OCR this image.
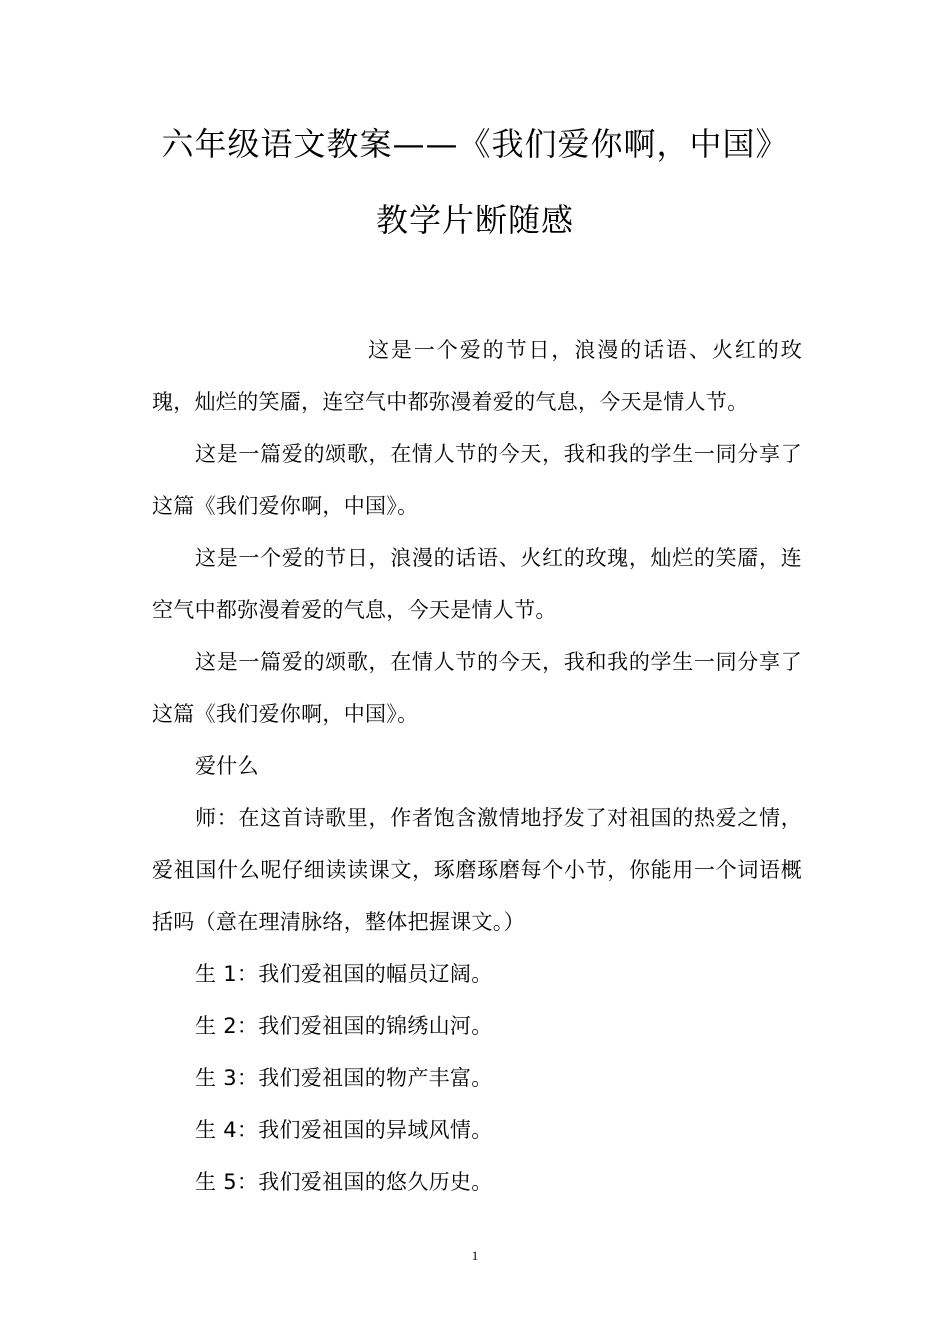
六年级语文教案——《我们爱你啊，中国》
教学片断随感

这是一个爱的节日，浪漫的话语、火红的玫瑰，灿烂的笑靥，连空气中都弥漫着爱的气息，今天是情人节。

这是一篇爱的颂歌，在情人节的今天，我和我的学生一同分享了这篇《我们爱你啊，中国》。

这是一个爱的节日，浪漫的话语、火红的玫瑰，灿烂的笑靥，连空气中都弥漫着爱的气息，今天是情人节。

这是一篇爱的颂歌，在情人节的今天，我和我的学生一同分享了这篇《我们爱你啊，中国》。

爱什么

师：在这首诗歌里，作者饱含激情地抒发了对祖国的热爱之情，爱祖国什么呢仔细读读课文，琢磨琢磨每个小节，你能用一个词语概括吗（意在理清脉络，整体把握课文。）

生 1：我们爱祖国的幅员辽阔。

生 2：我们爱祖国的锦绣山河。

生 3：我们爱祖国的物产丰富。

生 4：我们爱祖国的异域风情。

生 5：我们爱祖国的悠久历史。

1
